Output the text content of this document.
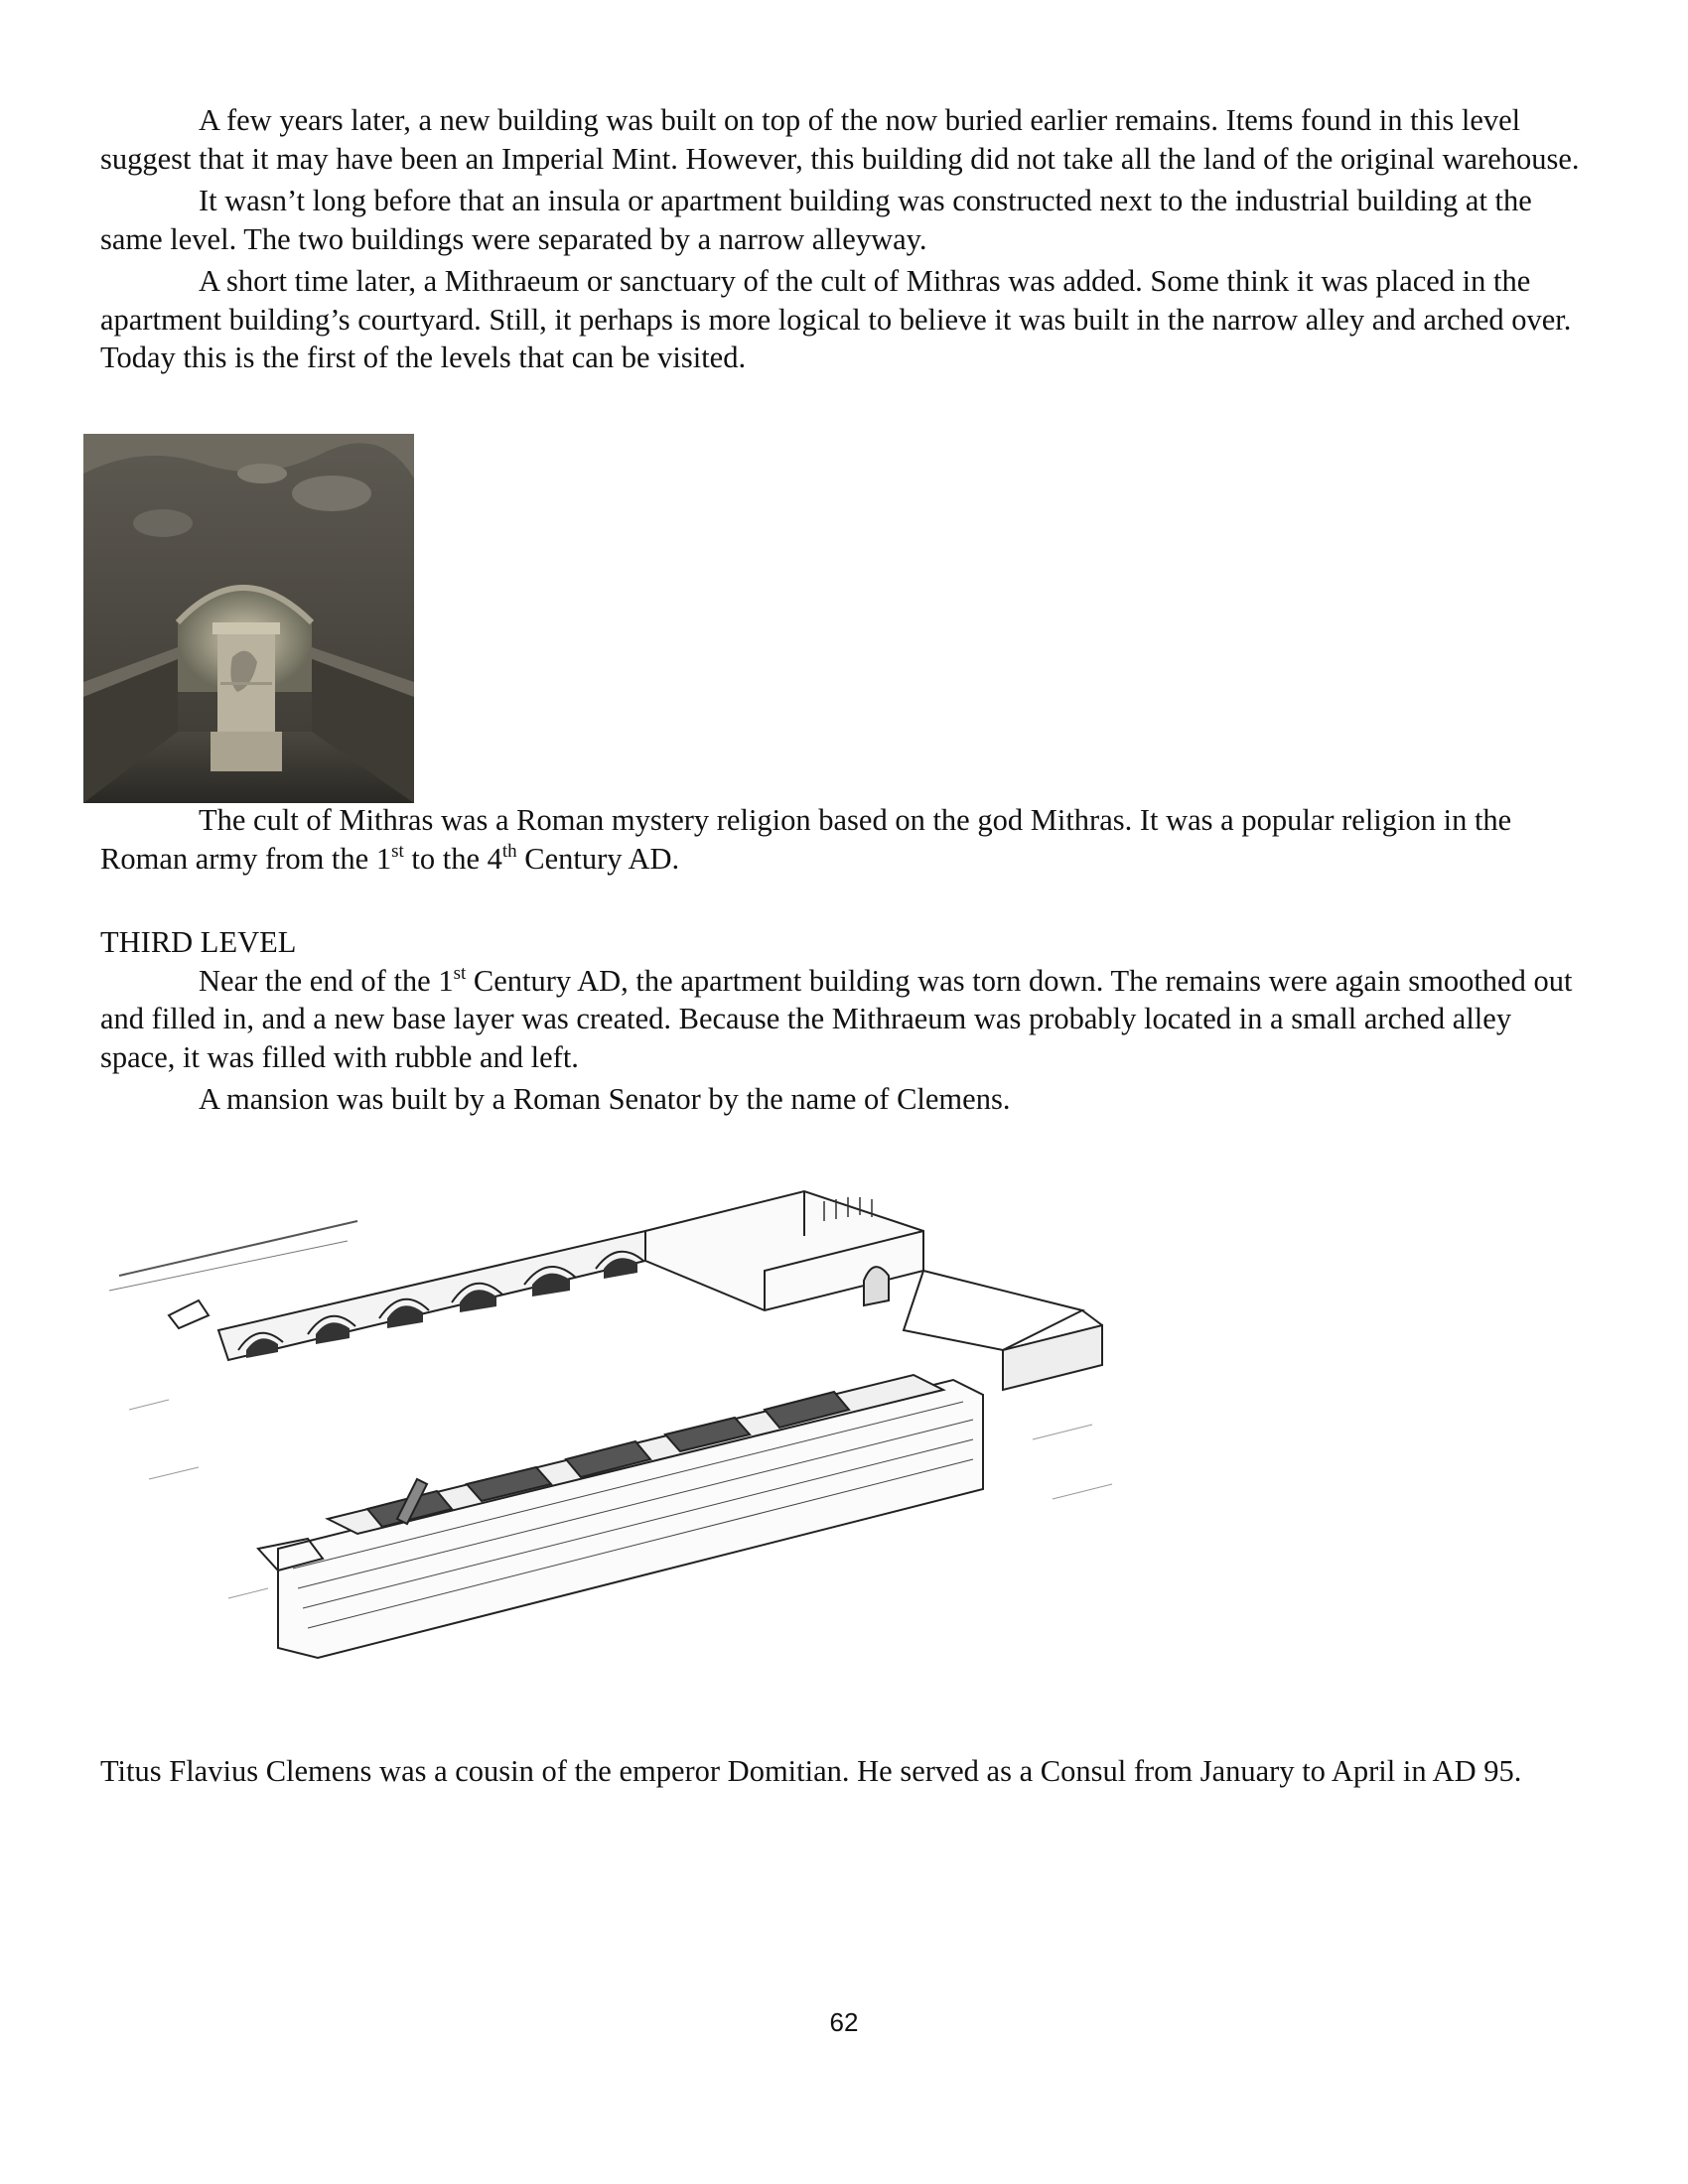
A few years later, a new building was built on top of the now buried earlier remains. Items found in this level suggest that it may have been an Imperial Mint. However, this building did not take all the land of the original warehouse.

It wasn’t long before that an insula or apartment building was constructed next to the industrial building at the same level. The two buildings were separated by a narrow alleyway.

A short time later, a Mithraeum or sanctuary of the cult of Mithras was added. Some think it was placed in the apartment building’s courtyard. Still, it perhaps is more logical to believe it was built in the narrow alley and arched over. Today this is the first of the levels that can be visited.

The cult of Mithras was a Roman mystery religion based on the god Mithras. It was a popular religion in the Roman army from the 1st to the 4th Century AD.

THIRD LEVEL

Near the end of the 1st Century AD, the apartment building was torn down. The remains were again smoothed out and filled in, and a new base layer was created. Because the Mithraeum was probably located in a small arched alley space, it was filled with rubble and left.

A mansion was built by a Roman Senator by the name of Clemens.

Titus Flavius Clemens was a cousin of the emperor Domitian. He served as a Consul from January to April in AD 95.

62
